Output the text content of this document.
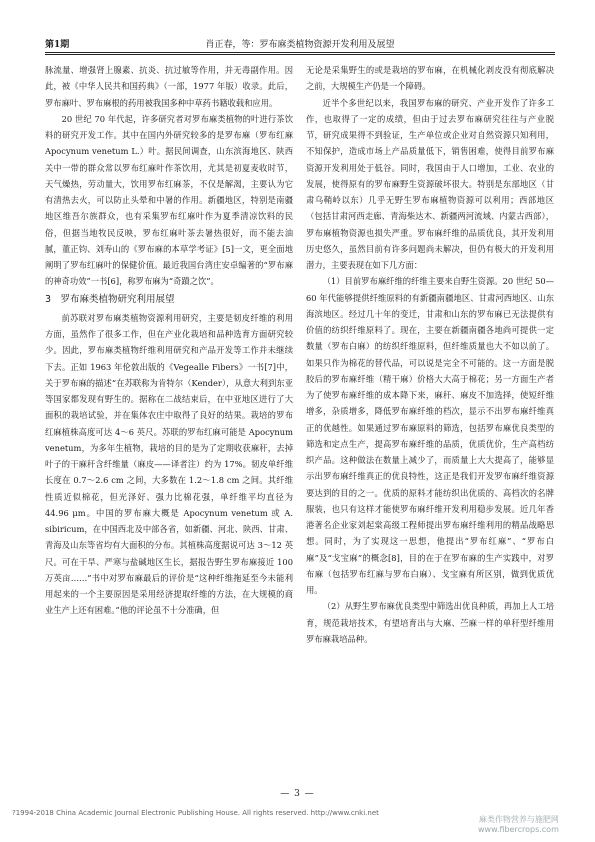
第1期	肖正春，等：罗布麻类植物资源开发利用及展望

脉流量、增强肾上腺素、抗炎、抗过敏等作用，并无毒副作用。因此，被《中华人民共和国药典》（一部，1977 年版）收录。此后，罗布麻叶、罗布麻根的药用被我国多种中草药书籍收载和应用。

20 世纪 70 年代起，许多研究者对罗布麻类植物的叶进行茶饮料的研究开发工作。其中在国内外研究较多的是罗布麻（罗布红麻 Apocynum venetum L.）叶。据民间调查，山东滨海地区、陕西关中一带的群众常以罗布红麻叶作茶饮用，尤其是初夏麦收时节，天气燥热，劳动量大，饮用罗布红麻茶，不仅是解渴，主要认为它有清热去火，可以防止头晕和中暑的作用。新疆地区，特别是南疆地区维吾尔族群众，也有采集罗布红麻叶作为夏季清凉饮料的民俗，但据当地牧民反映，罗布红麻叶茶去暑热很好，而不能去油腻，董正钧、刘寿山的《罗布麻的本草学考证》[5]一文，更全面地阐明了罗布红麻叶的保健价值。最近我国台湾庄安卓编著的“罗布麻的神奇功效”一书[6]，称罗布麻为“奇蹟之饮”。

3　罗布麻类植物研究利用展望

前苏联对罗布麻类植物资源利用研究，主要是韧皮纤维的利用方面，虽然作了很多工作，但在产业化栽培和品种选育方面研究较少。因此，罗布麻类植物纤维利用研究和产品开发等工作并未继续下去。正如 1963 年伦敦出版的《Vegealle Fibers》一书[7]中，关于罗布麻的描述“在苏联称为肯特尔（Kender），从意大利到东亚等国家都发现有野生的。据称在二战结束后，在中亚地区进行了大面积的栽培试验，并在集体农庄中取得了良好的结果。栽培的罗布红麻植株高度可达 4～6 英尺。苏联的罗布红麻可能是 Apocynum venetum，为多年生植物，栽培的目的是为了定期收获麻秆，去掉叶子的干麻秆含纤维量（麻皮——译者注）约为 17%。韧皮单纤维长度在 0.7～2.6 cm 之间，大多数在 1.2～1.8 cm 之间。其纤维性质近似棉花，但光泽好、强力比棉花强，单纤维平均直径为 44.96 μm。中国的罗布麻大概是 Apocynum venetum 或 A. sibiricum，在中国西北及中部各省，如新疆、河北、陕西、甘肃、青海及山东等省均有大面积的分布。其植株高度据说可达 3～12 英尺。可在干旱、严寒与盐碱地区生长，据报告野生罗布麻接近 100 万英亩……”书中对罗布麻最后的评价是“这种纤维拖延至今未能利用起来的一个主要原因是采用经济提取纤维的方法，在大规模的商业生产上还有困难。”他的评论虽不十分准确，但

无论是采集野生的或是栽培的罗布麻，在机械化剥皮没有彻底解决之前，大规模生产仍是一个障碍。

近半个多世纪以来，我国罗布麻的研究、产业开发作了许多工作，也取得了一定的成绩，但由于过去罗布麻研究往往与产业脱节，研究成果得不到验证，生产单位或企业对自然资源只知利用，不知保护，造成市场上产品质量低下，销售困难，使得目前罗布麻资源开发利用处于低谷。同时，我国由于人口增加，工业、农业的发展，使得原有的罗布麻野生资源破坏很大。特别是东部地区（甘肃乌鞘岭以东）几乎无野生罗布麻植物资源可以利用；西部地区（包括甘肃河西走廊、青海柴达木、新疆两河流域、内蒙古西部），罗布麻植物资源也损失严重。罗布麻纤维的品质优良，其开发利用历史悠久，虽然目前有许多问题尚未解决，但仍有极大的开发利用潜力，主要表现在如下几方面：

（1）目前罗布麻纤维的纤维主要来自野生资源。20 世纪 50—60 年代能够提供纤维原料的有新疆南疆地区、甘肃河西地区、山东海滨地区。经过几十年的变迁，甘肃和山东的罗布麻已无法提供有价值的纺织纤维原料了。现在，主要在新疆南疆各地尚可提供一定数量（罗布白麻）的纺织纤维原料，但纤维质量也大不如以前了。如果只作为棉花的替代品，可以说是完全不可能的。这一方面是脱胶后的罗布麻纤维（精干麻）价格大大高于棉花；另一方面生产者为了使罗布麻纤维的成本降下来，麻秆、麻皮不加选择，使短纤维增多，杂质增多，降低罗布麻纤维的档次，显示不出罗布麻纤维真正的优越性。如果通过罗布麻原料的筛选，包括罗布麻优良类型的筛选和定点生产，提高罗布麻纤维的品质，优质优价，生产高档纺织产品。这种做法在数量上减少了，而质量上大大提高了，能够显示出罗布麻纤维真正的优良特性，这正是我们开发罗布麻纤维资源要达到的目的之一。优质的原料才能纺织出优质的、高档次的名牌服装，也只有这样才能使罗布麻纤维开发利用稳步发展。近几年香港著名企业家刘起棠高级工程师提出罗布麻纤维利用的精品战略思想。同时，为了实现这一思想，他提出“罗布红麻”、“罗布白麻”及“戈宝麻”的概念[8]，目的在于在罗布麻的生产实践中，对罗布麻（包括罗布红麻与罗布白麻）、戈宝麻有所区别，做到优质优用。

（2）从野生罗布麻优良类型中筛选出优良种质，再加上人工培育，规范栽培技术，有望培育出与大麻、苎麻一样的单秆型纤维用罗布麻栽培品种。

— 3 —
?1994-2018 China Academic Journal Electronic Publishing House. All rights reserved. http://www.cnki.net
麻类作物营养与施肥网
www.fibercrops.com
